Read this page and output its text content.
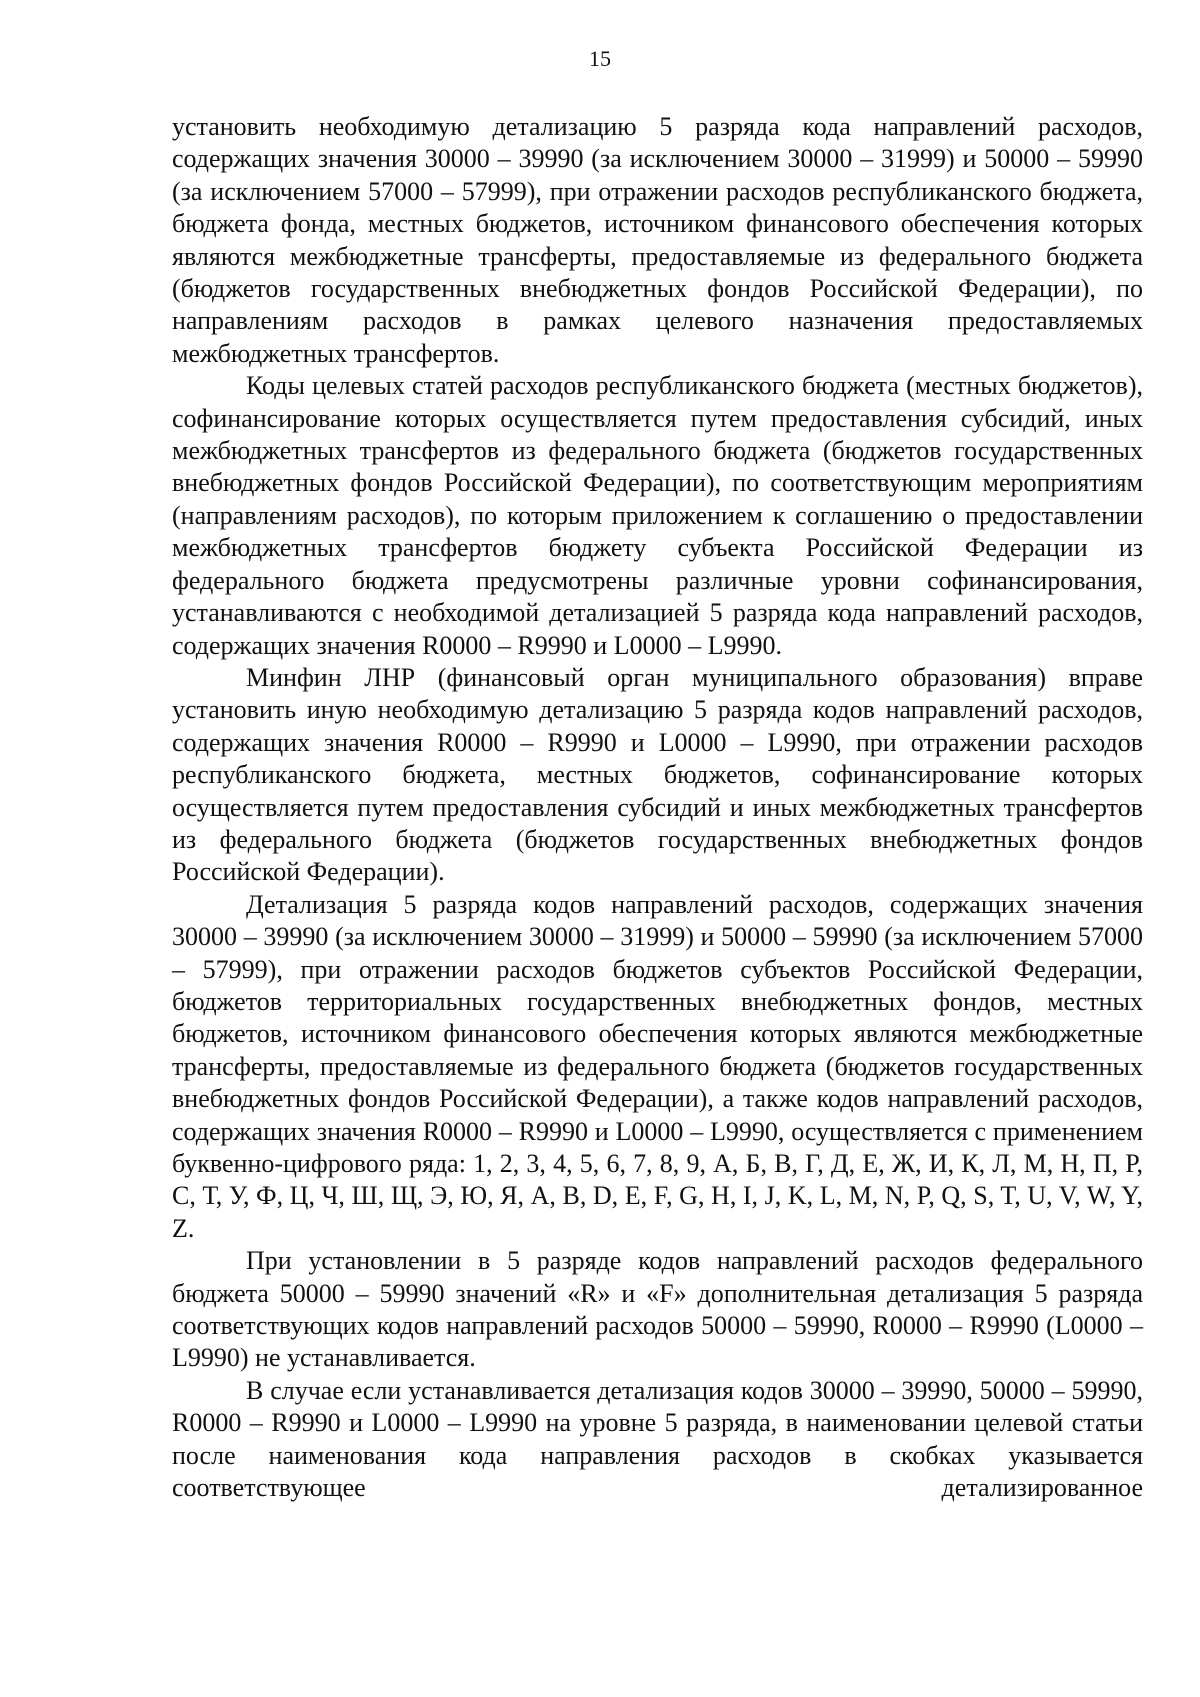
15

установить необходимую детализацию 5 разряда кода направлений расходов, содержащих значения 30000 – 39990 (за исключением 30000 – 31999) и 50000 – 59990 (за исключением 57000 – 57999), при отражении расходов республиканского бюджета, бюджета фонда, местных бюджетов, источником финансового обеспечения которых являются межбюджетные трансферты, предоставляемые из федерального бюджета (бюджетов государственных внебюджетных фондов Российской Федерации), по направлениям расходов в рамках целевого назначения предоставляемых межбюджетных трансфертов.

Коды целевых статей расходов республиканского бюджета (местных бюджетов), софинансирование которых осуществляется путем предоставления субсидий, иных межбюджетных трансфертов из федерального бюджета (бюджетов государственных внебюджетных фондов Российской Федерации), по соответствующим мероприятиям (направлениям расходов), по которым приложением к соглашению о предоставлении межбюджетных трансфертов бюджету субъекта Российской Федерации из федерального бюджета предусмотрены различные уровни софинансирования, устанавливаются с необходимой детализацией 5 разряда кода направлений расходов, содержащих значения R0000 – R9990 и L0000 – L9990.

Минфин ЛНР (финансовый орган муниципального образования) вправе установить иную необходимую детализацию 5 разряда кодов направлений расходов, содержащих значения R0000 – R9990 и L0000 – L9990, при отражении расходов республиканского бюджета, местных бюджетов, софинансирование которых осуществляется путем предоставления субсидий и иных межбюджетных трансфертов из федерального бюджета (бюджетов государственных внебюджетных фондов Российской Федерации).

Детализация 5 разряда кодов направлений расходов, содержащих значения 30000 – 39990 (за исключением 30000 – 31999) и 50000 – 59990 (за исключением 57000 – 57999), при отражении расходов бюджетов субъектов Российской Федерации, бюджетов территориальных государственных внебюджетных фондов, местных бюджетов, источником финансового обеспечения которых являются межбюджетные трансферты, предоставляемые из федерального бюджета (бюджетов государственных внебюджетных фондов Российской Федерации), а также кодов направлений расходов, содержащих значения R0000 – R9990 и L0000 – L9990, осуществляется с применением буквенно-цифрового ряда: 1, 2, 3, 4, 5, 6, 7, 8, 9, А, Б, В, Г, Д, Е, Ж, И, К, Л, М, Н, П, Р, С, Т, У, Ф, Ц, Ч, Ш, Щ, Э, Ю, Я, A, B, D, E, F, G, H, I, J, K, L, M, N, P, Q, S, T, U, V, W, Y, Z.

При установлении в 5 разряде кодов направлений расходов федерального бюджета 50000 – 59990 значений «R» и «F» дополнительная детализация 5 разряда соответствующих кодов направлений расходов 50000 – 59990, R0000 – R9990 (L0000 – L9990) не устанавливается.

В случае если устанавливается детализация кодов 30000 – 39990, 50000 – 59990, R0000 – R9990 и L0000 – L9990 на уровне 5 разряда, в наименовании целевой статьи после наименования кода направления расходов в скобках указывается соответствующее детализированное
